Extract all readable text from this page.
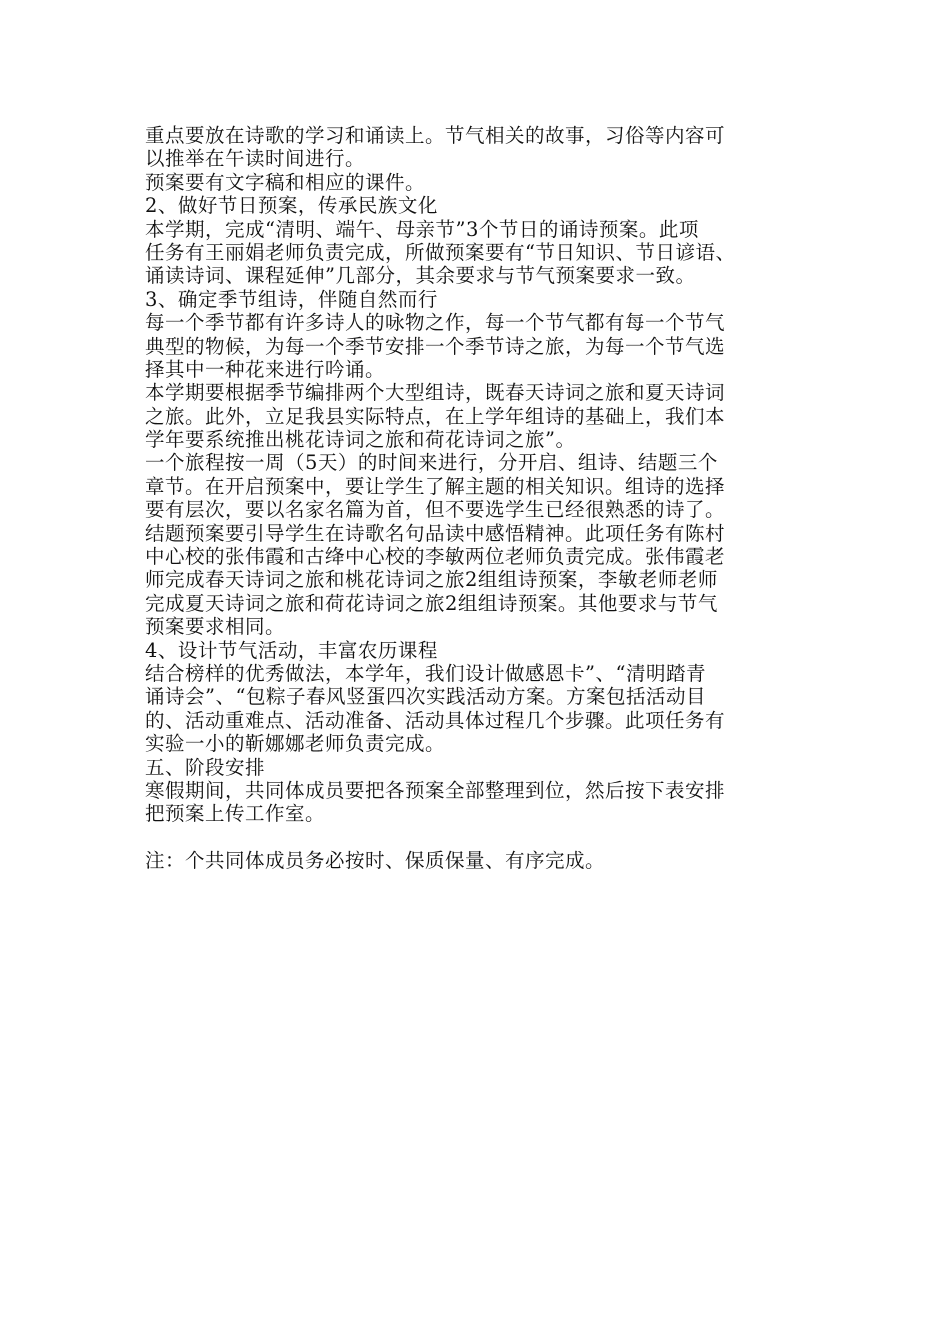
重点要放在诗歌的学习和诵读上。节气相关的故事，习俗等内容可
以推举在午读时间进行。
预案要有文字稿和相应的课件。
2、做好节日预案，传承民族文化
本学期，完成“清明、端午、母亲节”3个节日的诵诗预案。此项
任务有王丽娟老师负责完成，所做预案要有“节日知识、节日谚语、
诵读诗词、课程延伸”几部分，其余要求与节气预案要求一致。
3、确定季节组诗，伴随自然而行
每一个季节都有许多诗人的咏物之作，每一个节气都有每一个节气
典型的物候，为每一个季节安排一个季节诗之旅，为每一个节气选
择其中一种花来进行吟诵。
本学期要根据季节编排两个大型组诗，既春天诗词之旅和夏天诗词
之旅。此外，立足我县实际特点，在上学年组诗的基础上，我们本
学年要系统推出桃花诗词之旅和荷花诗词之旅”。
一个旅程按一周（5天）的时间来进行，分开启、组诗、结题三个
章节。在开启预案中，要让学生了解主题的相关知识。组诗的选择
要有层次，要以名家名篇为首，但不要选学生已经很熟悉的诗了。
结题预案要引导学生在诗歌名句品读中感悟精神。此项任务有陈村
中心校的张伟霞和古绛中心校的李敏两位老师负责完成。张伟霞老
师完成春天诗词之旅和桃花诗词之旅2组组诗预案，李敏老师老师
完成夏天诗词之旅和荷花诗词之旅2组组诗预案。其他要求与节气
预案要求相同。
4、设计节气活动，丰富农历课程
结合榜样的优秀做法，本学年，我们设计做感恩卡”、“清明踏青
诵诗会”、“包粽子春风竖蛋四次实践活动方案。方案包括活动目
的、活动重难点、活动准备、活动具体过程几个步骤。此项任务有
实验一小的靳娜娜老师负责完成。
五、阶段安排
寒假期间，共同体成员要把各预案全部整理到位，然后按下表安排
把预案上传工作室。
注：个共同体成员务必按时、保质保量、有序完成。
